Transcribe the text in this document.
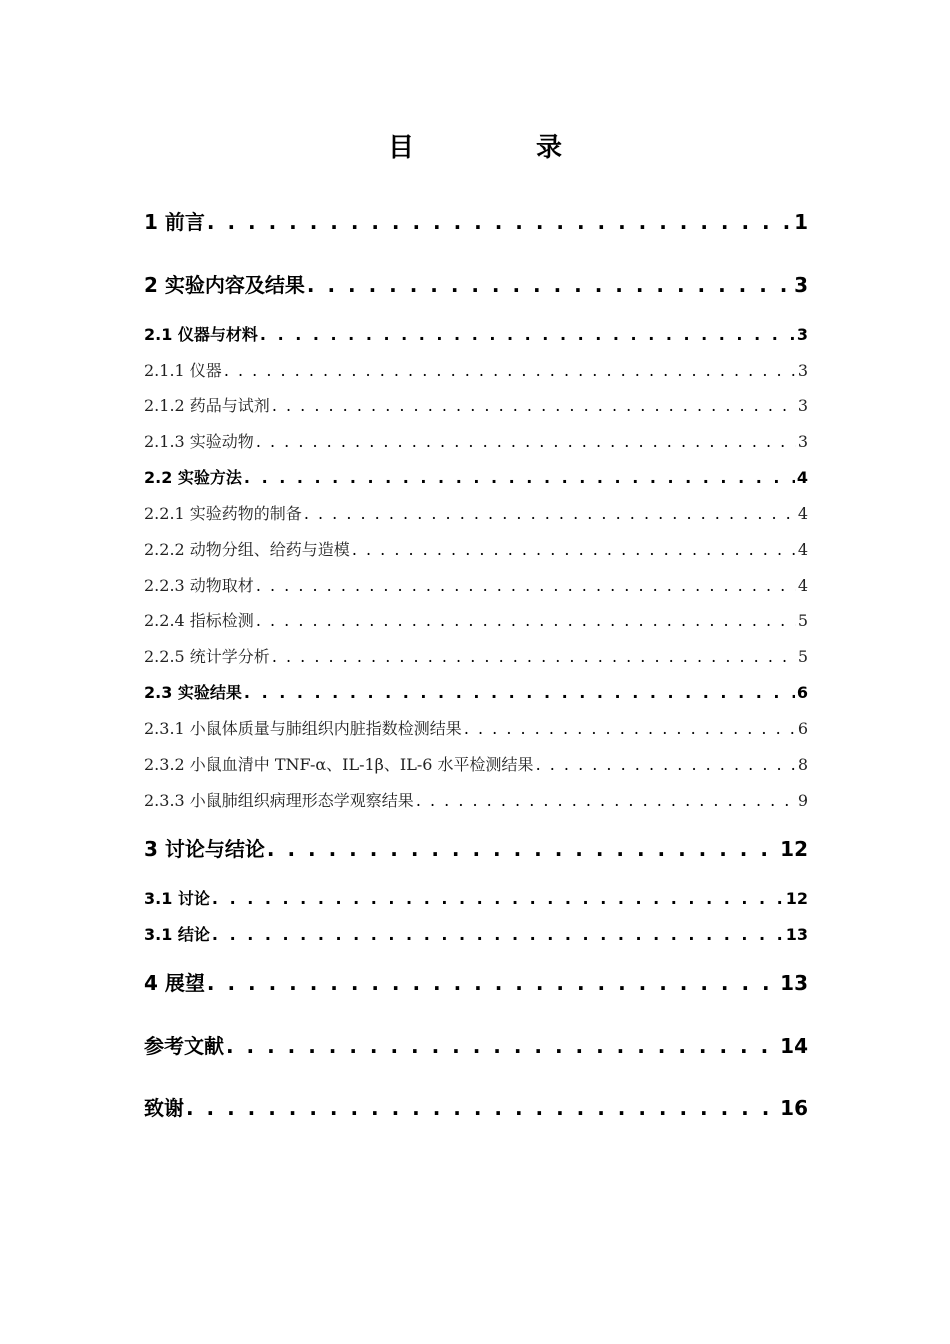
目　录
1 前言 . . .	1
2 实验内容及结果 . . .	3
2.1 仪器与材料 . . .	3
2.1.1 仪器 . . .	3
2.1.2 药品与试剂 . . .	3
2.1.3 实验动物 . . .	3
2.2 实验方法 . . .	4
2.2.1 实验药物的制备 . . .	4
2.2.2 动物分组、给药与造模 . . .	4
2.2.3 动物取材 . . .	4
2.2.4 指标检测 . . .	5
2.2.5 统计学分析 . . .	5
2.3 实验结果 . . .	6
2.3.1 小鼠体质量与肺组织内脏指数检测结果 . . .	6
2.3.2 小鼠血清中 TNF-α、IL-1β、IL-6 水平检测结果 . . .	8
2.3.3 小鼠肺组织病理形态学观察结果 . . .	9
3 讨论与结论 . . .	12
3.1 讨论 . . .	12
3.1 结论 . . .	13
4 展望 . . .	13
参考文献 . . .	14
致谢 . . .	16
